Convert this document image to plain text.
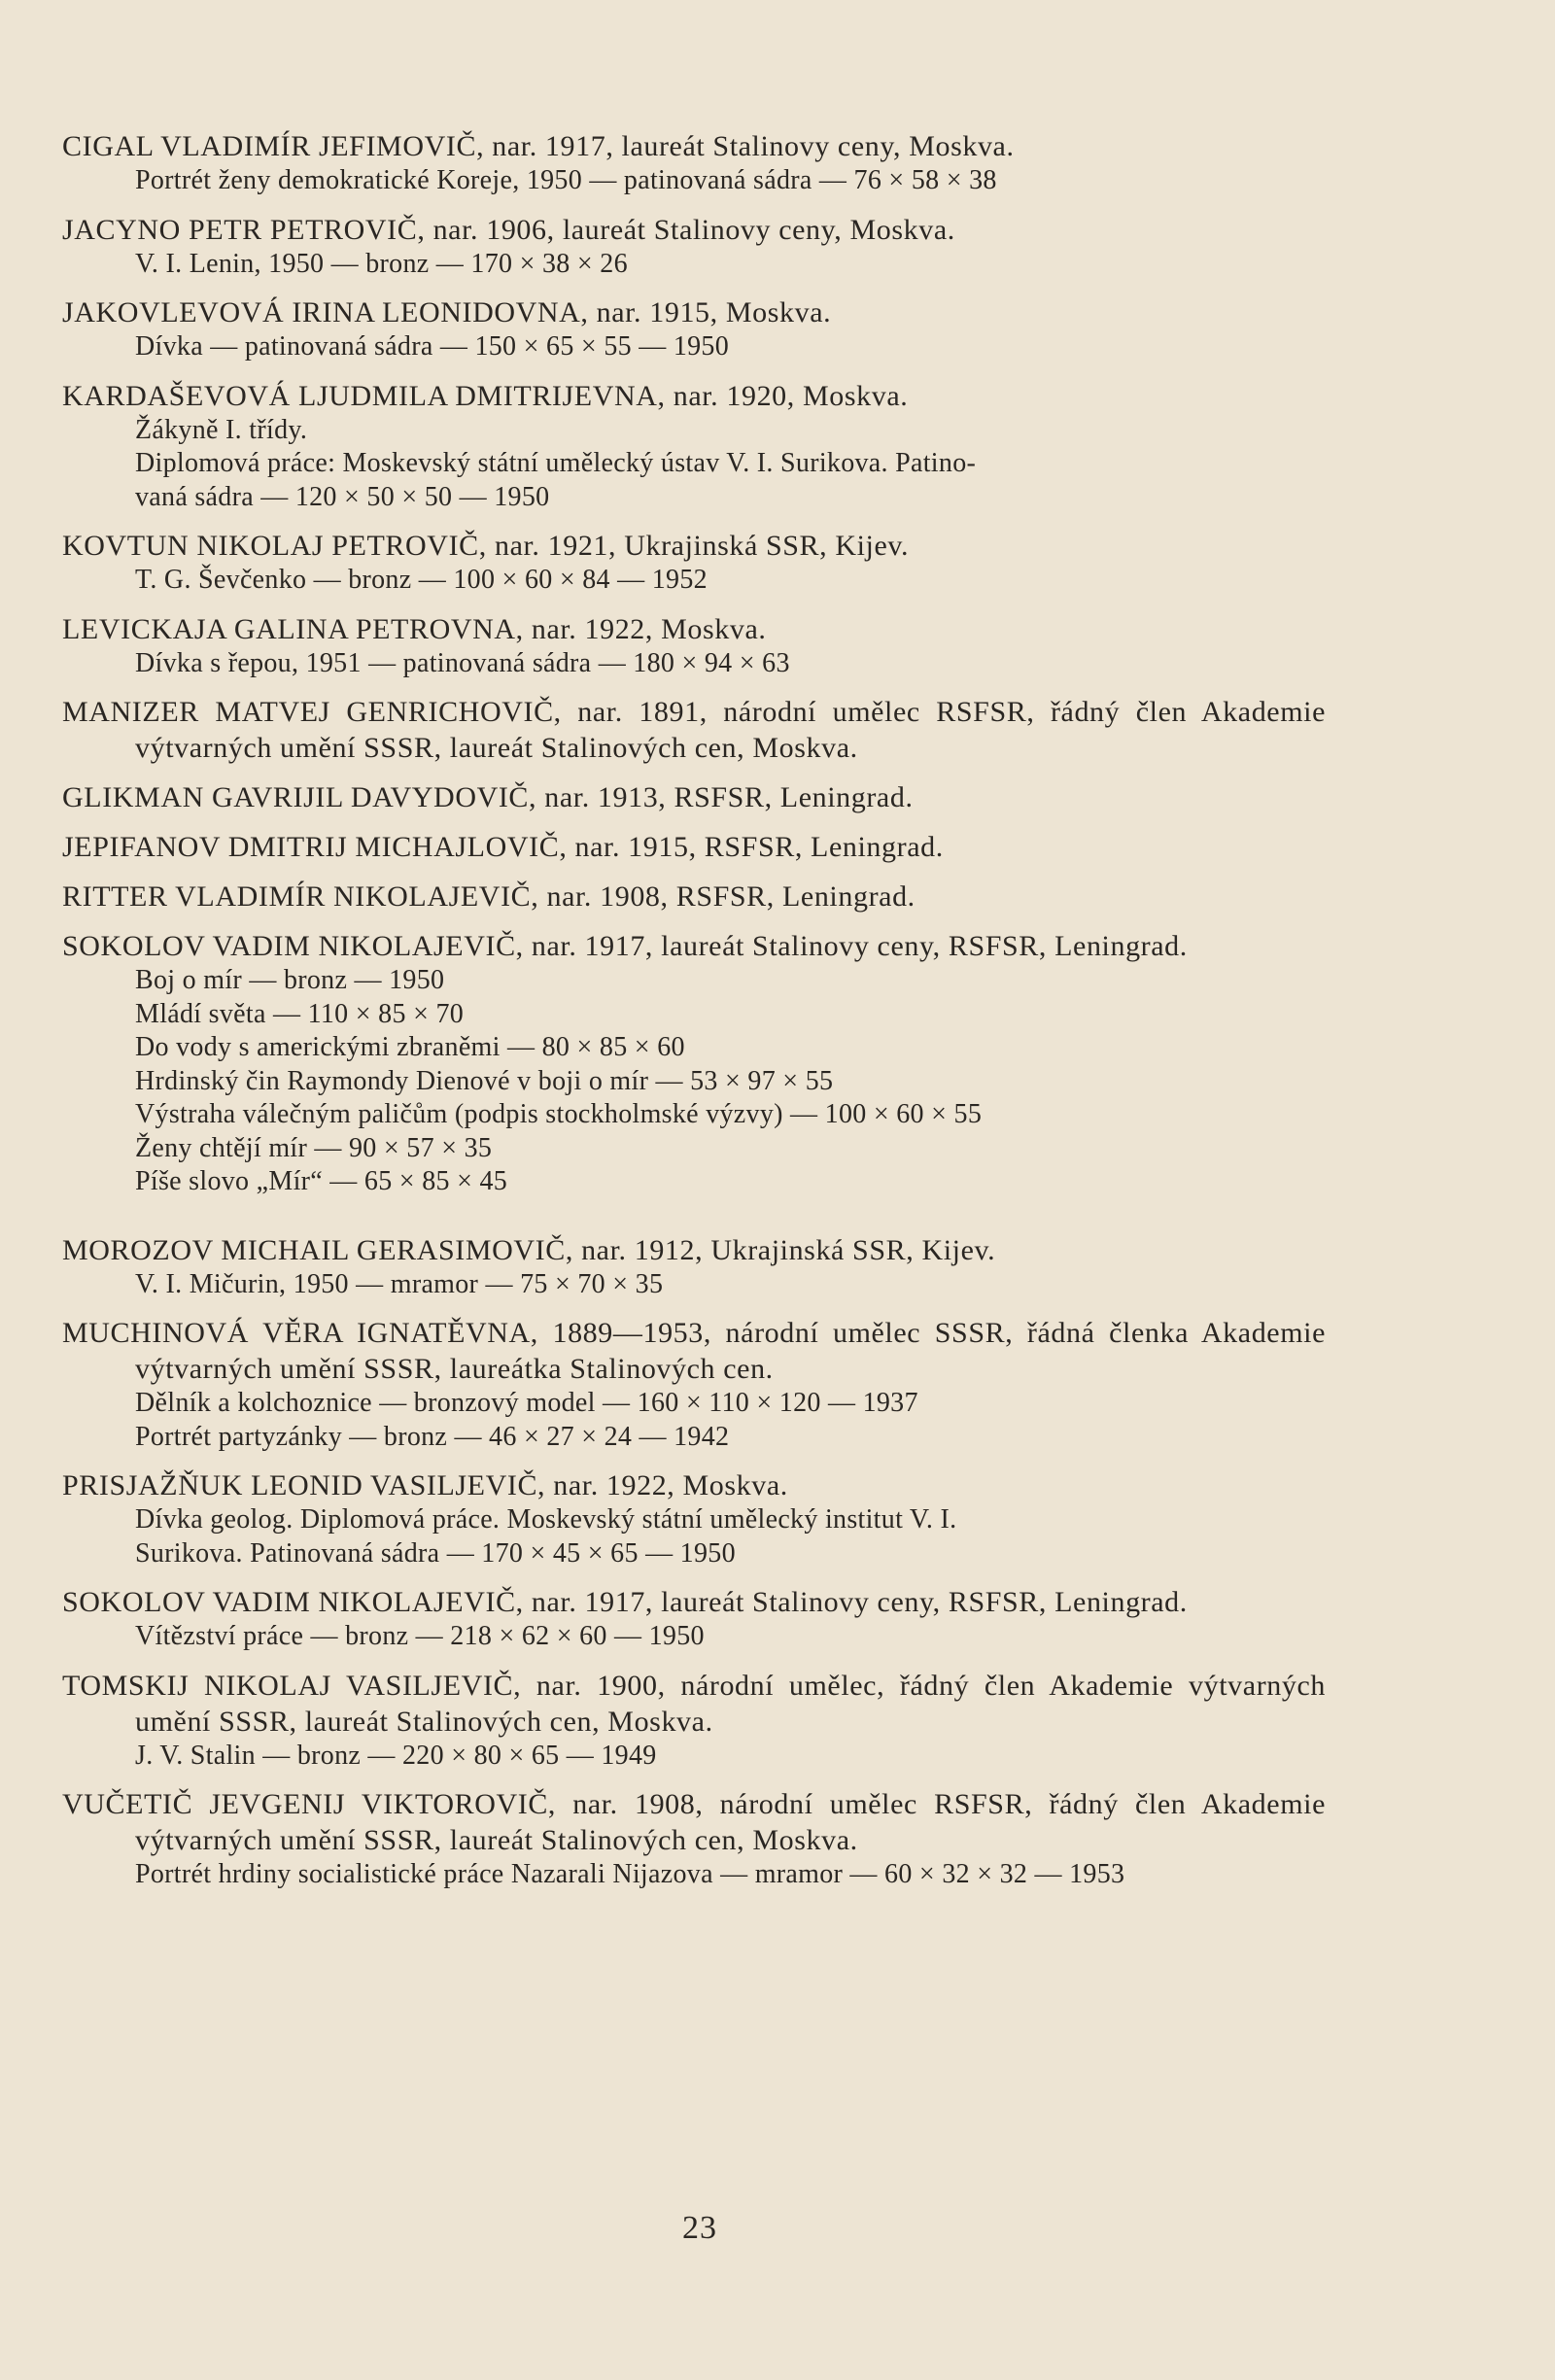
CIGAL VLADIMÍR JEFIMOVIČ, nar. 1917, laureát Stalinovy ceny, Moskva.

Portrét ženy demokratické Koreje, 1950 — patinovaná sádra — 76 × 58 × 38

JACYNO PETR PETROVIČ, nar. 1906, laureát Stalinovy ceny, Moskva.

V. I. Lenin, 1950 — bronz — 170 × 38 × 26

JAKOVLEVOVÁ IRINA LEONIDOVNA, nar. 1915, Moskva.

Dívka — patinovaná sádra — 150 × 65 × 55 — 1950

KARDAŠEVOVÁ LJUDMILA DMITRIJEVNA, nar. 1920, Moskva.

Žákyně I. třídy.

Diplomová práce: Moskevský státní umělecký ústav V. I. Surikova. Patino-

vaná sádra — 120 × 50 × 50 — 1950

KOVTUN NIKOLAJ PETROVIČ, nar. 1921, Ukrajinská SSR, Kijev.

T. G. Ševčenko — bronz — 100 × 60 × 84 — 1952

LEVICKAJA GALINA PETROVNA, nar. 1922, Moskva.

Dívka s řepou, 1951 — patinovaná sádra — 180 × 94 × 63

MANIZER MATVEJ GENRICHOVIČ, nar. 1891, národní umělec RSFSR, řádný člen Akademie výtvarných umění SSSR, laureát Stalinových cen, Moskva.

GLIKMAN GAVRIJIL DAVYDOVIČ, nar. 1913, RSFSR, Leningrad.

JEPIFANOV DMITRIJ MICHAJLOVIČ, nar. 1915, RSFSR, Leningrad.

RITTER VLADIMÍR NIKOLAJEVIČ, nar. 1908, RSFSR, Leningrad.

SOKOLOV VADIM NIKOLAJEVIČ, nar. 1917, laureát Stalinovy ceny, RSFSR, Leningrad.

Boj o mír — bronz — 1950

Mládí světa — 110 × 85 × 70

Do vody s americkými zbraněmi — 80 × 85 × 60

Hrdinský čin Raymondy Dienové v boji o mír — 53 × 97 × 55

Výstraha válečným paličům (podpis stockholmské výzvy) — 100 × 60 × 55

Ženy chtějí mír — 90 × 57 × 35

Píše slovo „Mír“ — 65 × 85 × 45

MOROZOV MICHAIL GERASIMOVIČ, nar. 1912, Ukrajinská SSR, Kijev.

V. I. Mičurin, 1950 — mramor — 75 × 70 × 35

MUCHINOVÁ VĚRA IGNATĚVNA, 1889—1953, národní umělec SSSR, řádná členka Akademie výtvarných umění SSSR, laureátka Stalinových cen.

Dělník a kolchoznice — bronzový model — 160 × 110 × 120 — 1937

Portrét partyzánky — bronz — 46 × 27 × 24 — 1942

PRISJAŽŇUK LEONID VASILJEVIČ, nar. 1922, Moskva.

Dívka geolog. Diplomová práce. Moskevský státní umělecký institut V. I.

Surikova. Patinovaná sádra — 170 × 45 × 65 — 1950

SOKOLOV VADIM NIKOLAJEVIČ, nar. 1917, laureát Stalinovy ceny, RSFSR, Leningrad.

Vítězství práce — bronz — 218 × 62 × 60 — 1950

TOMSKIJ NIKOLAJ VASILJEVIČ, nar. 1900, národní umělec, řádný člen Akademie výtvarných umění SSSR, laureát Stalinových cen, Moskva.

J. V. Stalin — bronz — 220 × 80 × 65 — 1949

VUČETIČ JEVGENIJ VIKTOROVIČ, nar. 1908, národní umělec RSFSR, řádný člen Akademie výtvarných umění SSSR, laureát Stalinových cen, Moskva.

Portrét hrdiny socialistické práce Nazarali Nijazova — mramor — 60 × 32 × 32 — 1953

23
